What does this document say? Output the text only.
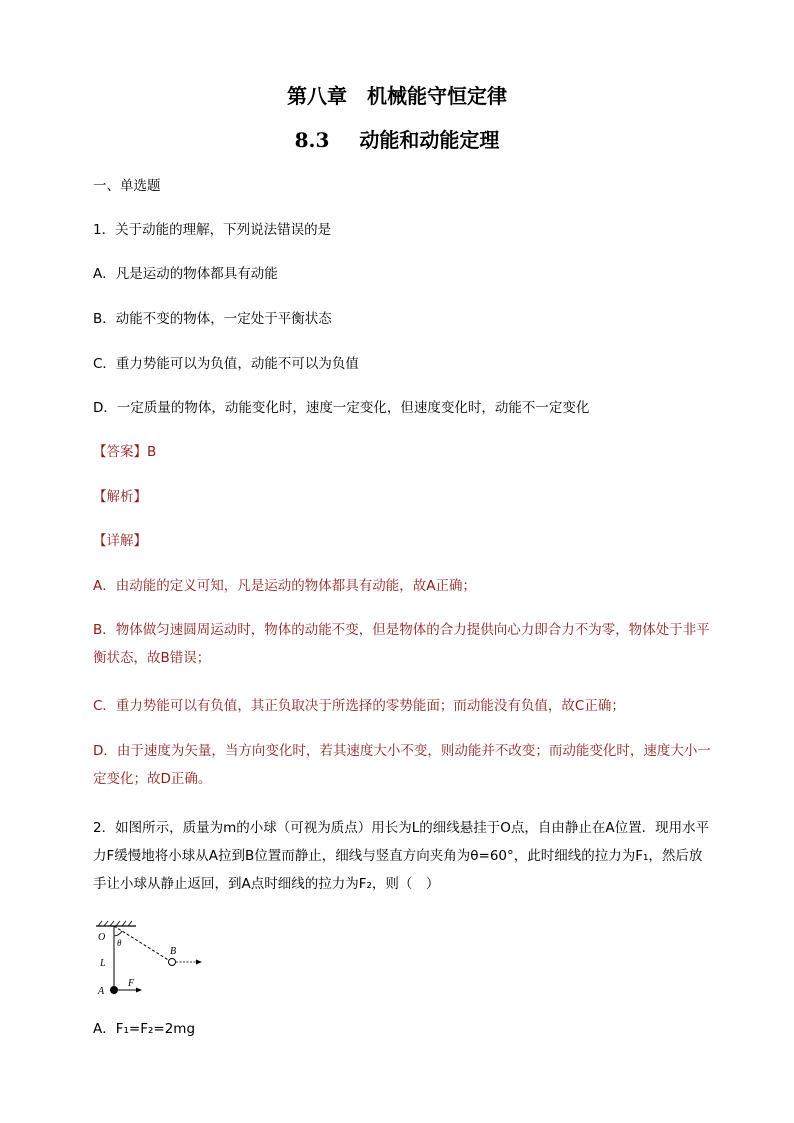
第八章　机械能守恒定律
8.3 动能和动能定理
一、单选题
1．关于动能的理解，下列说法错误的是
A．凡是运动的物体都具有动能
B．动能不变的物体，一定处于平衡状态
C．重力势能可以为负值，动能不可以为负值
D．一定质量的物体，动能变化时，速度一定变化，但速度变化时，动能不一定变化
【答案】B
【解析】
【详解】
A．由动能的定义可知，凡是运动的物体都具有动能，故A正确；
B．物体做匀速圆周运动时，物体的动能不变，但是物体的合力提供向心力即合力不为零，物体处于非平衡状态，故B错误；
C．重力势能可以有负值，其正负取决于所选择的零势能面；而动能没有负值，故C正确；
D．由于速度为矢量，当方向变化时，若其速度大小不变，则动能并不改变；而动能变化时，速度大小一定变化；故D正确。
2．如图所示，质量为m的小球（可视为质点）用长为L的细线悬挂于O点，自由静止在A位置．现用水平力F缓慢地将小球从A拉到B位置而静止，细线与竖直方向夹角为θ=60°，此时细线的拉力为F₁，然后放手让小球从静止返回，到A点时细线的拉力为F₂，则（　）
O θ
B
L
A
F
A．F₁=F₂=2mg
